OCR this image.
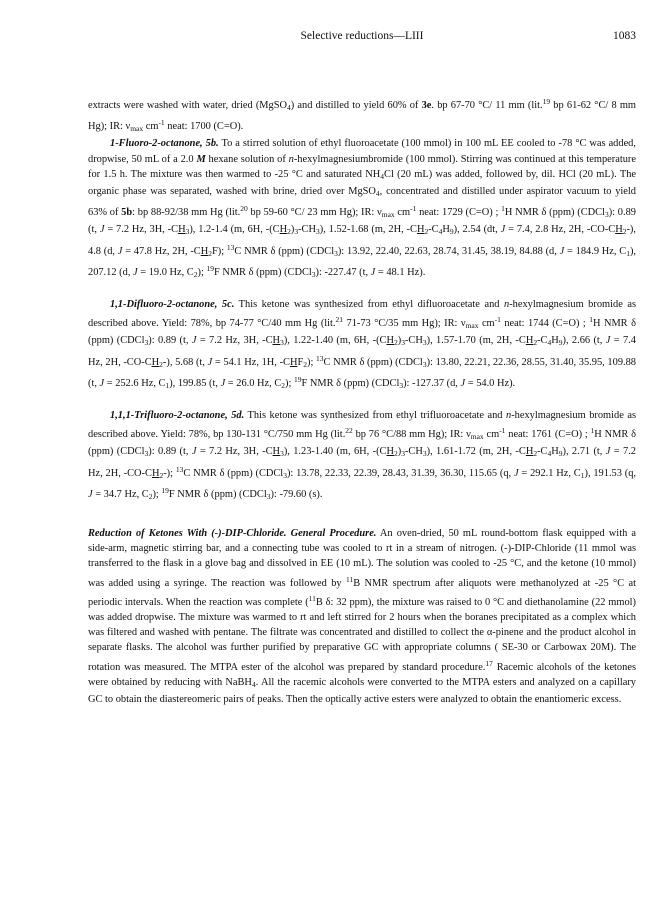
Selective reductions—LIII	1083

extracts were washed with water, dried (MgSO$_4$) and distilled to yield 60% of 3e. bp 67-70 °C/ 11 mm (lit.$^{19}$ bp 61-62 °C/ 8 mm Hg); IR: $\nu_{max}$ $cm^{-1}$ neat: 1700 (C=O).

1-Fluoro-2-octanone, 5b. To a stirred solution of ethyl fluoroacetate (100 mmol) in 100 mL EE cooled to -78 °C was added, dropwise, 50 mL of a 2.0 M hexane solution of n-hexylmagnesiumbromide (100 mmol). Stirring was continued at this temperature for 1.5 h. The mixture was then warmed to -25 °C and saturated $NH_4Cl$ (20 mL) was added, followed by, dil. HCl (20 mL). The organic phase was separated, washed with brine, dried over MgSO$_4$, concentrated and distilled under aspirator vacuum to yield 63% of 5b: bp 88-92/38 mm Hg (lit.$^{20}$ bp 59-60 °C/ 23 mm Hg); IR: $\nu_{max}$ $cm^{-1}$ neat: 1729 (C=O) ; $^1$H NMR δ (ppm) (CDCl$_3$): 0.89 (t, J = 7.2 Hz, 3H, $-CH_3$), 1.2-1.4 (m, 6H, $-(CH_2)_3-CH_3$), 1.52-1.68 (m, 2H, $-CH_2-C_4H_9$), 2.54 (dt, J = 7.4, 2.8 Hz, 2H, $-CO-CH_2-$), 4.8 (d, J = 47.8 Hz, 2H, $-CH_2F$); $^{13}$C NMR δ (ppm) (CDCl$_3$): 13.92, 22.40, 22.63, 28.74, 31.45, 38.19, 84.88 (d, J = 184.9 Hz, $C_1$), 207.12 (d, J = 19.0 Hz, $C_2$); $^{19}$F NMR δ (ppm) (CDCl$_3$): -227.47 (t, J = 48.1 Hz).

1,1-Difluoro-2-octanone, 5c. This ketone was synthesized from ethyl difluoroacetate and n-hexylmagnesium bromide as described above. Yield: 78%, bp 74-77 °C/40 mm Hg (lit.$^{21}$ 71-73 °C/35 mm Hg); IR: $\nu_{max}$ $cm^{-1}$ neat: 1744 (C=O) ; $^1$H NMR δ (ppm) (CDCl$_3$): 0.89 (t, J = 7.2 Hz, 3H, $-CH_3$), 1.22-1.40 (m, 6H, $-(CH_2)_3-CH_3$), 1.57-1.70 (m, 2H, $-CH_2-C_4H_9$), 2.66 (t, J = 7.4 Hz, 2H, $-CO-CH_2-$), 5.68 (t, J = 54.1 Hz, 1H, $-CHF_2$); $^{13}$C NMR δ (ppm) (CDCl$_3$): 13.80, 22.21, 22.36, 28.55, 31.40, 35.95, 109.88 (t, J = 252.6 Hz, $C_1$), 199.85 (t, J = 26.0 Hz, $C_2$); $^{19}$F NMR δ (ppm) (CDCl$_3$): -127.37 (d, J = 54.0 Hz).

1,1,1-Trifluoro-2-octanone, 5d. This ketone was synthesized from ethyl trifluoroacetate and n-hexylmagnesium bromide as described above. Yield: 78%, bp 130-131 °C/750 mm Hg (lit.$^{22}$ bp 76 °C/88 mm Hg); IR: $\nu_{max}$ $cm^{-1}$ neat: 1761 (C=O) ; $^1$H NMR δ (ppm) (CDCl$_3$): 0.89 (t, J = 7.2 Hz, 3H, $-CH_3$), 1.23-1.40 (m, 6H, $-(CH_2)_3-CH_3$), 1.61-1.72 (m, 2H, $-CH_2-C_4H_9$), 2.71 (t, J = 7.2 Hz, 2H, $-CO-CH_2-$); $^{13}$C NMR δ (ppm) (CDCl$_3$): 13.78, 22.33, 22.39, 28.43, 31.39, 36.30, 115.65 (q, J = 292.1 Hz, $C_1$), 191.53 (q, J = 34.7 Hz, $C_2$); $^{19}$F NMR δ (ppm) (CDCl$_3$): -79.60 (s).

Reduction of Ketones With (-)-DIP-Chloride. General Procedure. An oven-dried, 50 mL round-bottom flask equipped with a side-arm, magnetic stirring bar, and a connecting tube was cooled to rt in a stream of nitrogen. (-)-DIP-Chloride (11 mmol was transferred to the flask in a glove bag and dissolved in EE (10 mL). The solution was cooled to -25 °C, and the ketone (10 mmol) was added using a syringe. The reaction was followed by $^{11}$B NMR spectrum after aliquots were methanolyzed at -25 °C at periodic intervals. When the reaction was complete ($^{11}$B δ: 32 ppm), the mixture was raised to 0 °C and diethanolamine (22 mmol) was added dropwise. The mixture was warmed to rt and left stirred for 2 hours when the boranes precipitated as a complex which was filtered and washed with pentane. The filtrate was concentrated and distilled to collect the α-pinene and the product alcohol in separate flasks. The alcohol was further purified by preparative GC with appropriate columns ( SE-30 or Carbowax 20M). The rotation was measured. The MTPA ester of the alcohol was prepared by standard procedure.$^{17}$ Racemic alcohols of the ketones were obtained by reducing with NaBH$_4$. All the racemic alcohols were converted to the MTPA esters and analyzed on a capillary GC to obtain the diastereomeric pairs of peaks. Then the optically active esters were analyzed to obtain the enantiomeric excess.
